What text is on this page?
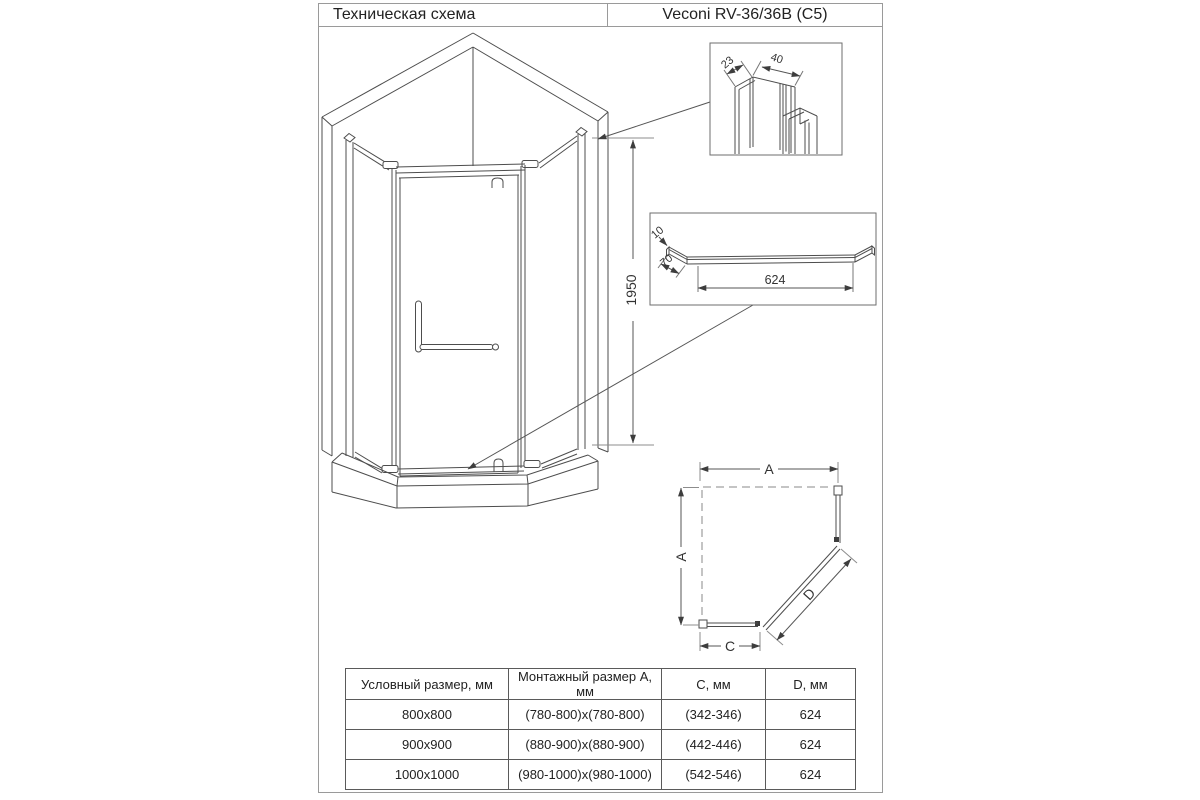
Техническая схема	Veconi RV-36/36B (C5)
1950
23	40
624
10
70
A
A
C
D
Условный размер, мм	Монтажный размер А, мм	С, мм	D, мм
800x800	(780-800)x(780-800)	(342-346)	624
900x900	(880-900)x(880-900)	(442-446)	624
1000x1000	(980-1000)x(980-1000)	(542-546)	624
